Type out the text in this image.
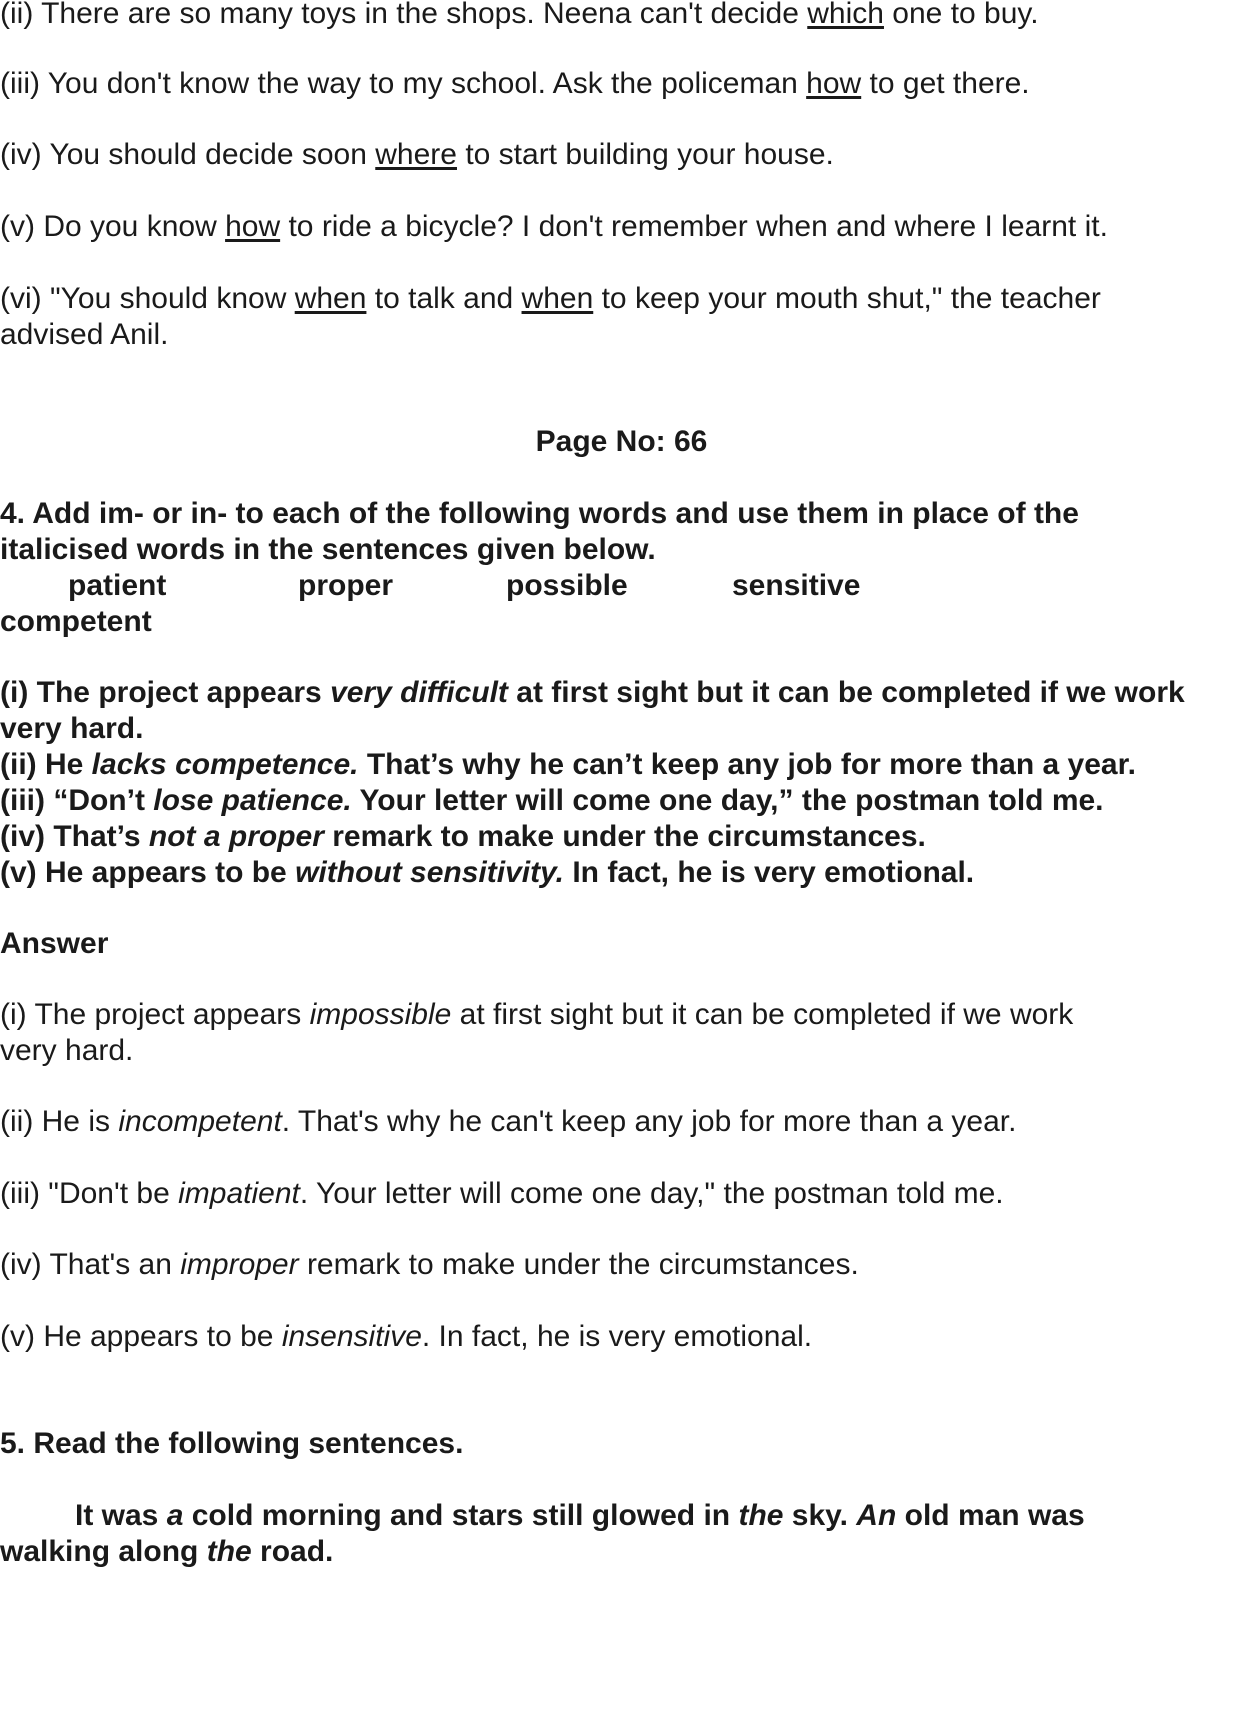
(ii) There are so many toys in the shops. Neena can't decide which one to buy.
(iii) You don't know the way to my school. Ask the policeman how to get there.
(iv) You should decide soon where to start building your house.
(v) Do you know how to ride a bicycle? I don't remember when and where I learnt it.
(vi) "You should know when to talk and when to keep your mouth shut," the teacher
advised Anil.
Page No: 66
4. Add im- or in- to each of the following words and use them in place of the
italicised words in the sentences given below.
patient	proper	possible	sensitive
competent
(i) The project appears very difficult at first sight but it can be completed if we work
very hard.
(ii) He lacks competence. That’s why he can’t keep any job for more than a year.
(iii) “Don’t lose patience. Your letter will come one day,” the postman told me.
(iv) That’s not a proper remark to make under the circumstances.
(v) He appears to be without sensitivity. In fact, he is very emotional.
Answer
(i) The project appears impossible at first sight but it can be completed if we work
very hard.
(ii) He is incompetent. That's why he can't keep any job for more than a year.
(iii) "Don't be impatient. Your letter will come one day," the postman told me.
(iv) That's an improper remark to make under the circumstances.
(v) He appears to be insensitive. In fact, he is very emotional.
5. Read the following sentences.
It was a cold morning and stars still glowed in the sky. An old man was
walking along the road.
